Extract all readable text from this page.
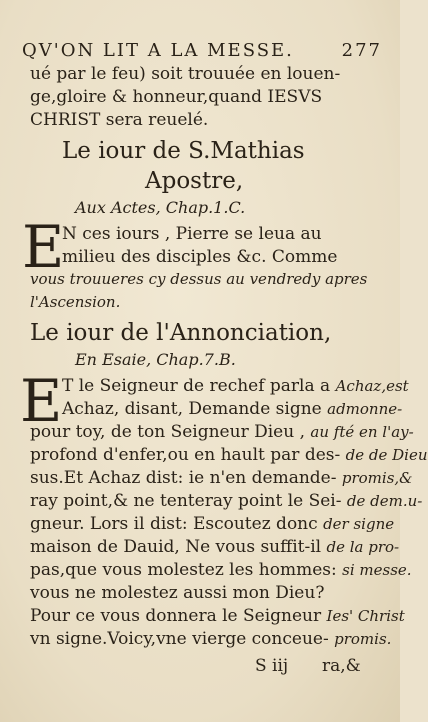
QV'ON LIT A LA MESSE.	277
ué par le feu) soit trouuée en louen-
ge,gloire & honneur,quand IESVS
CHRIST sera reuelé.
Le iour de S.Mathias
Apostre,
Aux Actes, Chap.1.C.
E
N ces iours , Pierre se leua au
milieu des disciples &c. Comme
vous trouueres cy dessus au vendredy apres
l'Ascension.
Le iour de l'Annonciation,
En Esaie, Chap.7.B.
E T le Seigneur de rechef parla a Achaz,est
Achaz, disant, Demande signe admonne-
pour toy, de ton Seigneur Dieu , au fté en l'ay-
profond d'enfer,ou en hault par des- de de Dieu
sus.Et Achaz dist: ie n'en demande- promis,&
ray point,& ne tenteray point le Sei- de dem.u-
gneur. Lors il dist: Escoutez donc der signe
maison de Dauid, Ne vous suffit-il de la pro-
pas,que vous molestez les hommes: si messe.
vous ne molestez aussi mon Dieu?
Pour ce vous donnera le Seigneur Ies' Christ
vn signe.Voicy,vne vierge conceue- promis.
S iij ra,&
